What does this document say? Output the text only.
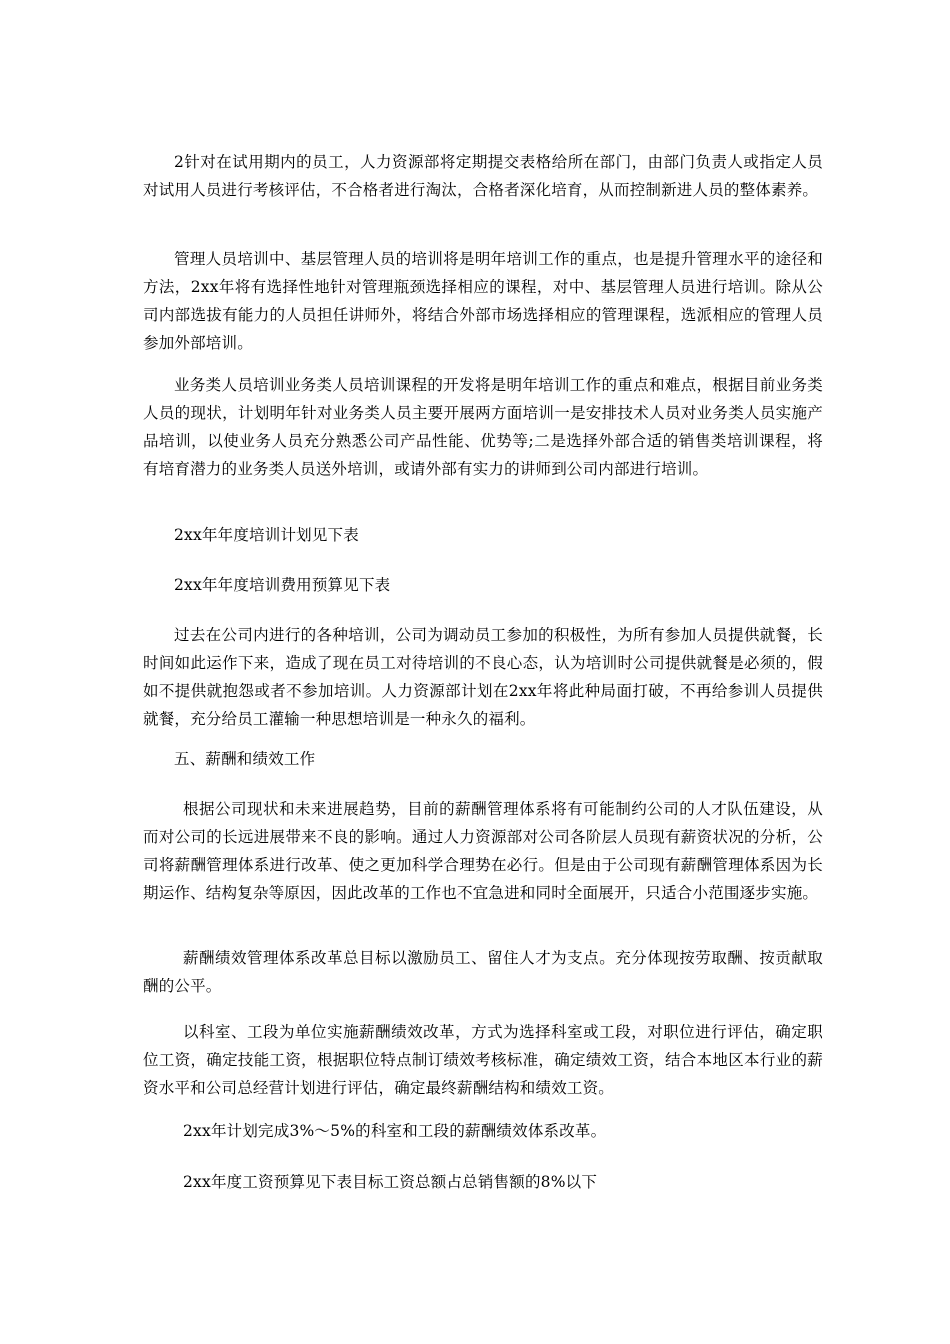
2针对在试用期内的员工，人力资源部将定期提交表格给所在部门，由部门负责人或指定人员对试用人员进行考核评估，不合格者进行淘汰，合格者深化培育，从而控制新进人员的整体素养。

管理人员培训中、基层管理人员的培训将是明年培训工作的重点，也是提升管理水平的途径和方法，2xx年将有选择性地针对管理瓶颈选择相应的课程，对中、基层管理人员进行培训。除从公司内部选拔有能力的人员担任讲师外，将结合外部市场选择相应的管理课程，选派相应的管理人员参加外部培训。

业务类人员培训业务类人员培训课程的开发将是明年培训工作的重点和难点，根据目前业务类人员的现状，计划明年针对业务类人员主要开展两方面培训一是安排技术人员对业务类人员实施产品培训，以使业务人员充分熟悉公司产品性能、优势等;二是选择外部合适的销售类培训课程，将有培育潜力的业务类人员送外培训，或请外部有实力的讲师到公司内部进行培训。

2xx年年度培训计划见下表

2xx年年度培训费用预算见下表

过去在公司内进行的各种培训，公司为调动员工参加的积极性，为所有参加人员提供就餐，长时间如此运作下来，造成了现在员工对待培训的不良心态，认为培训时公司提供就餐是必须的，假如不提供就抱怨或者不参加培训。人力资源部计划在2xx年将此种局面打破，不再给参训人员提供就餐，充分给员工灌输一种思想培训是一种永久的福利。

五、薪酬和绩效工作

根据公司现状和未来进展趋势，目前的薪酬管理体系将有可能制约公司的人才队伍建设，从而对公司的长远进展带来不良的影响。通过人力资源部对公司各阶层人员现有薪资状况的分析，公司将薪酬管理体系进行改革、使之更加科学合理势在必行。但是由于公司现有薪酬管理体系因为长期运作、结构复杂等原因，因此改革的工作也不宜急进和同时全面展开，只适合小范围逐步实施。

薪酬绩效管理体系改革总目标以激励员工、留住人才为支点。充分体现按劳取酬、按贡献取酬的公平。

以科室、工段为单位实施薪酬绩效改革，方式为选择科室或工段，对职位进行评估，确定职位工资，确定技能工资，根据职位特点制订绩效考核标准，确定绩效工资，结合本地区本行业的薪资水平和公司总经营计划进行评估，确定最终薪酬结构和绩效工资。

2xx年计划完成3%～5%的科室和工段的薪酬绩效体系改革。

2xx年度工资预算见下表目标工资总额占总销售额的8%以下
